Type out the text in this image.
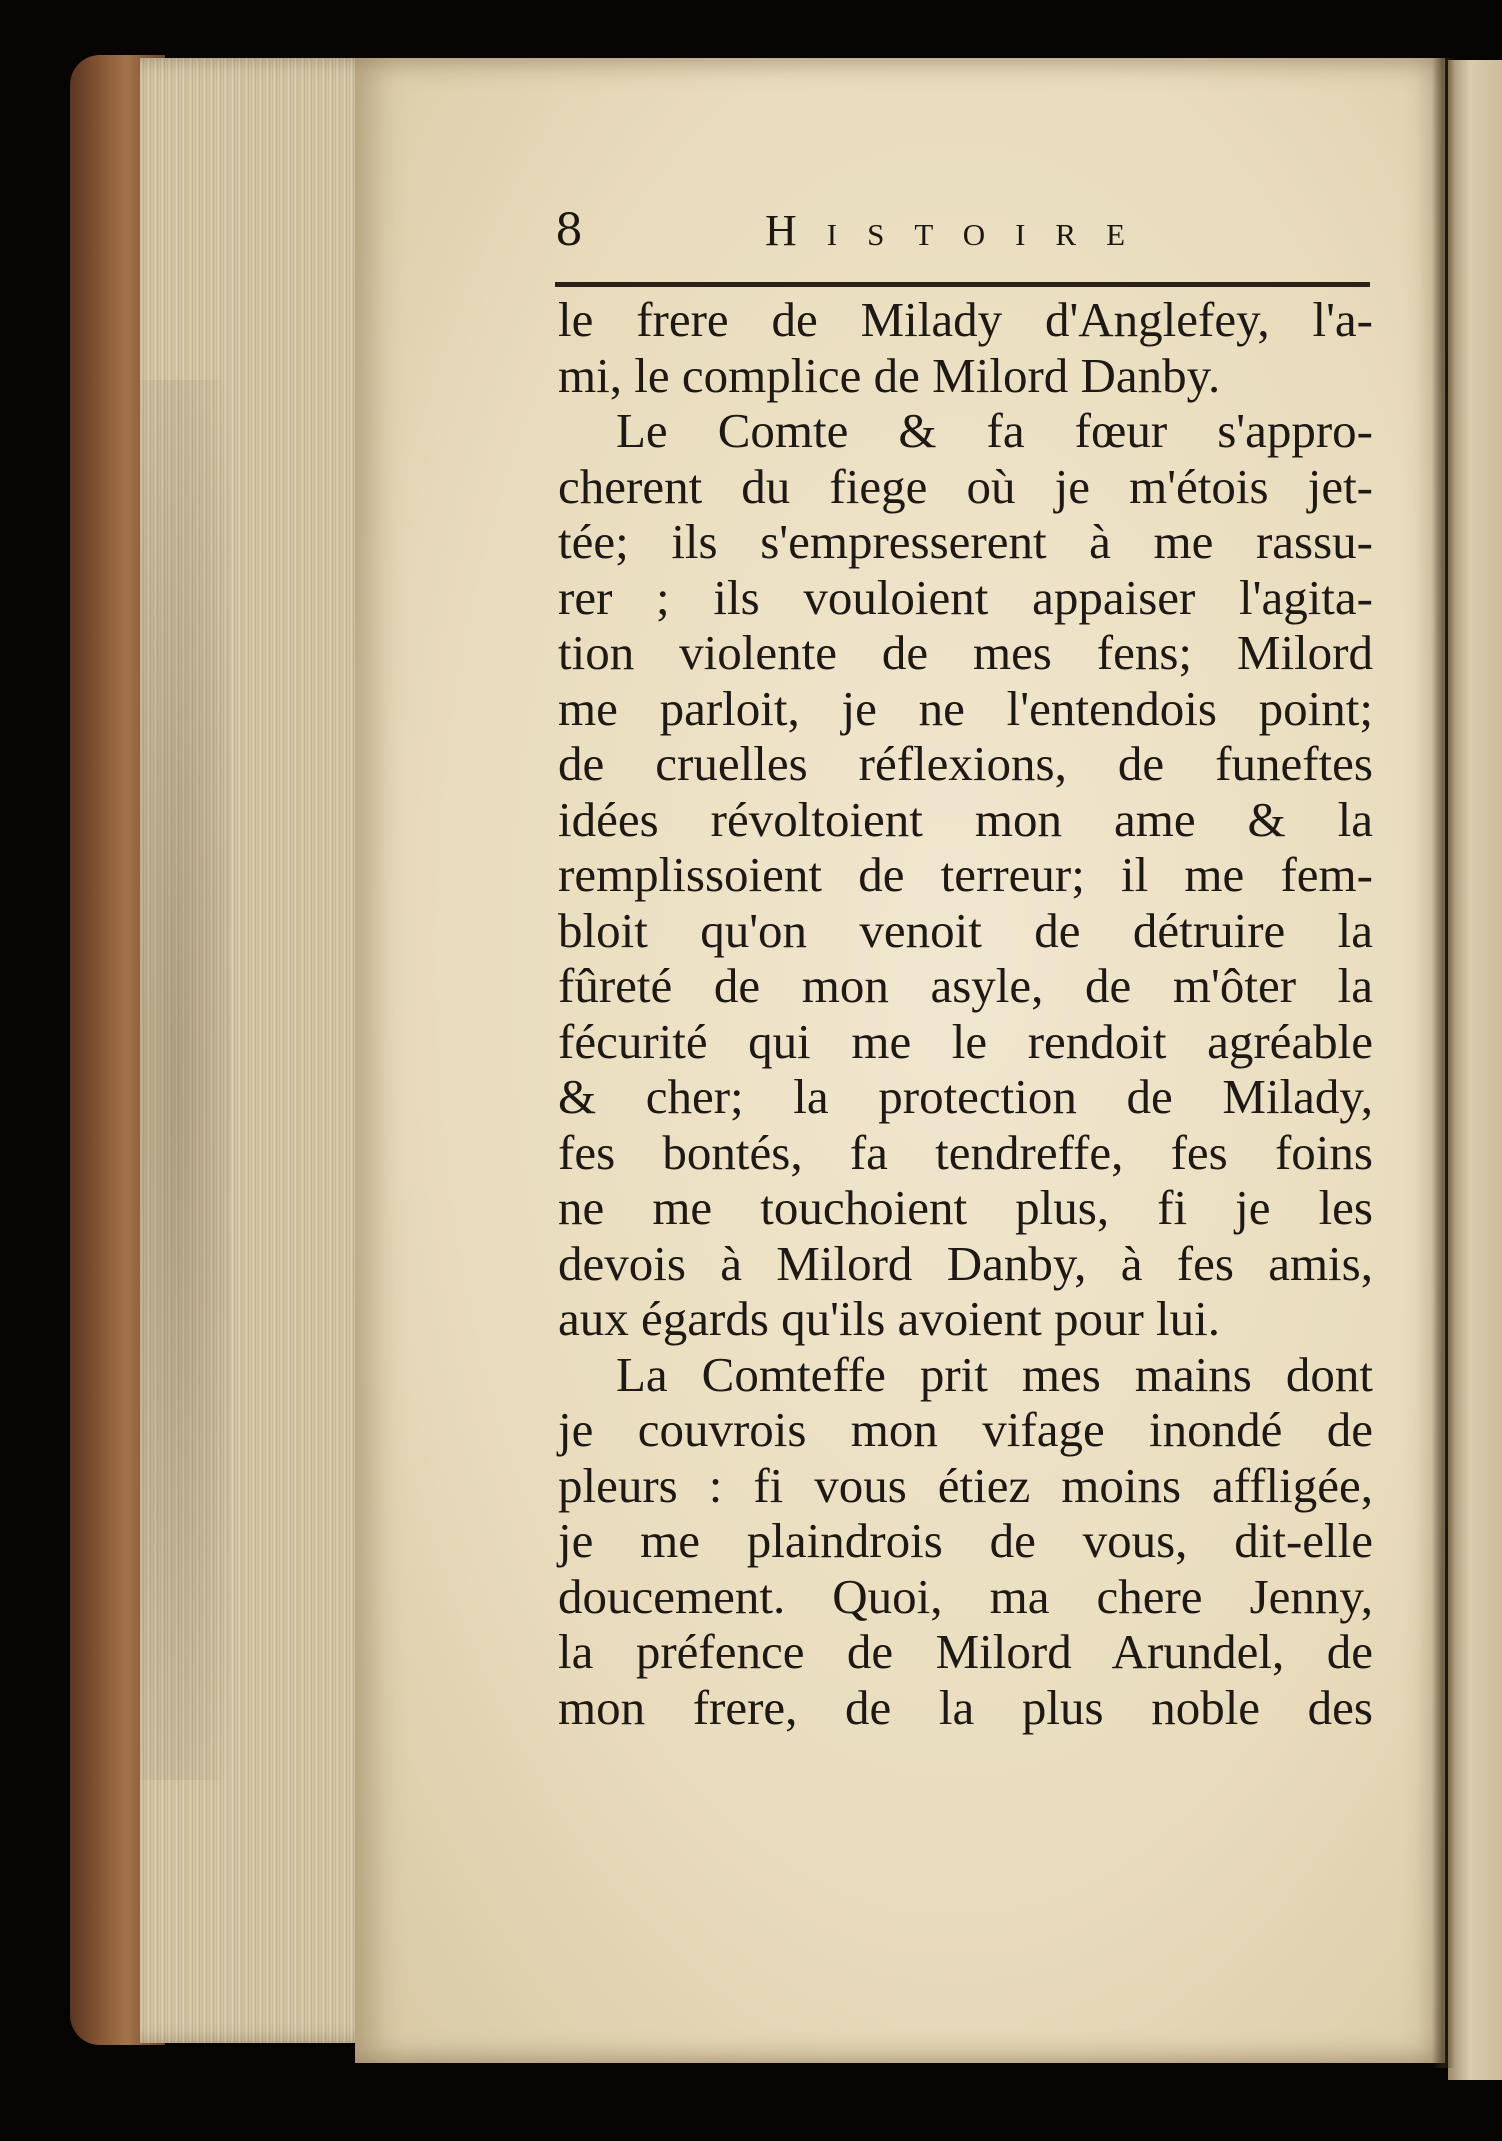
8	Histoire
le frere de Milady d'Anglefey, l'a-
mi, le complice de Milord Danby.
Le Comte & fa fœur s'appro-
cherent du fiege où je m'étois jet-
tée; ils s'empresserent à me rassu-
rer ; ils vouloient appaiser l'agita-
tion violente de mes fens; Milord
me parloit, je ne l'entendois point;
de cruelles réflexions, de funeftes
idées révoltoient mon ame & la
remplissoient de terreur; il me fem-
bloit qu'on venoit de détruire la
fûreté de mon asyle, de m'ôter la
fécurité qui me le rendoit agréable
& cher; la protection de Milady,
fes bontés, fa tendreffe, fes foins
ne me touchoient plus, fi je les
devois à Milord Danby, à fes amis,
aux égards qu'ils avoient pour lui.
La Comteffe prit mes mains dont
je couvrois mon vifage inondé de
pleurs : fi vous étiez moins affligée,
je me plaindrois de vous, dit-elle
doucement. Quoi, ma chere Jenny,
la préfence de Milord Arundel, de
mon frere, de la plus noble des
